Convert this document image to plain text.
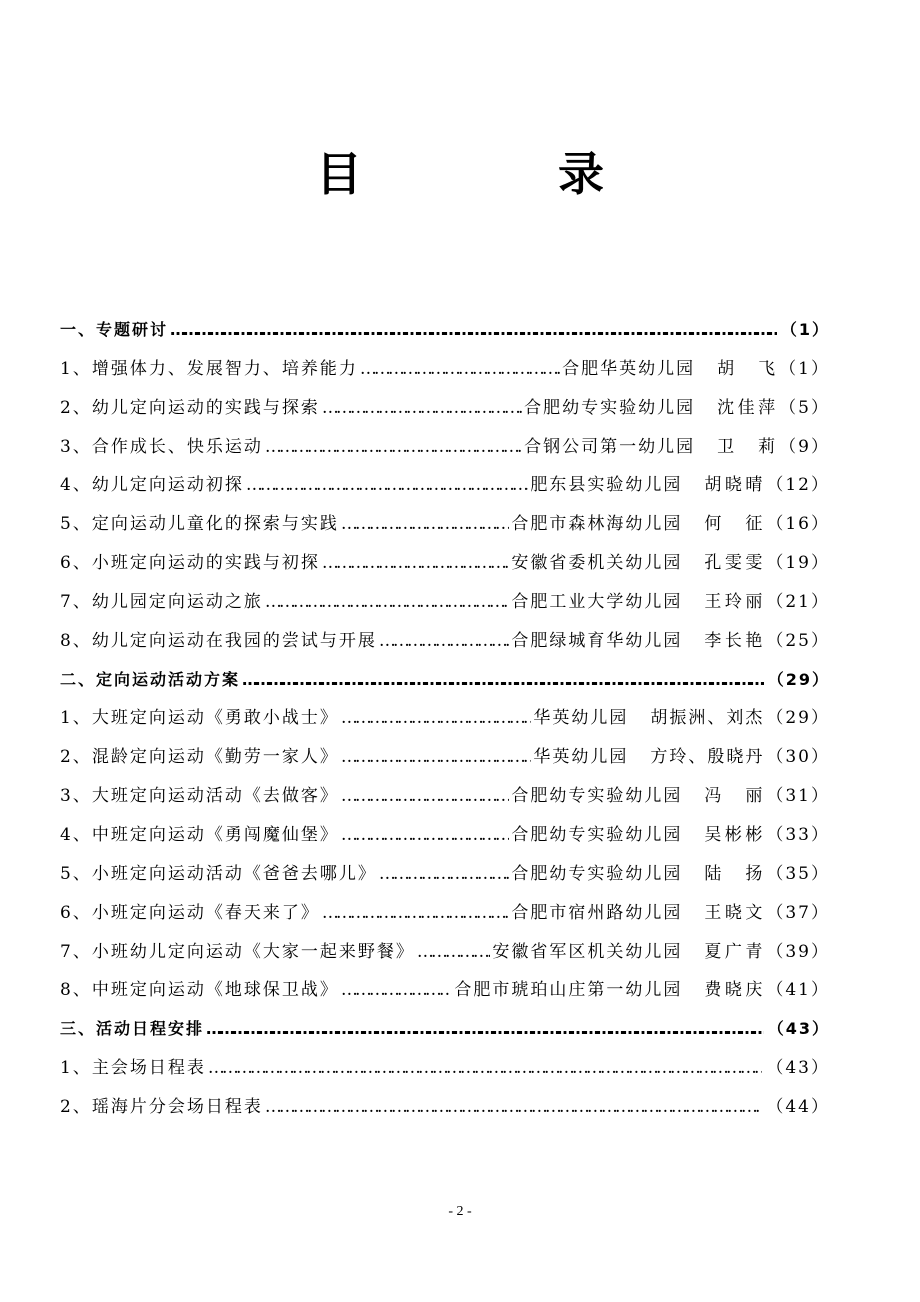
目 录
一、专题研讨 …………………………………………………………………………………………………………………………………………………………………………………………	（1）
1、增强体力、发展智力、培养能力 …………………………………………………………………………………………………………………………………………………………………………………………	合肥华英幼儿园 胡飞 （1）
2、幼儿定向运动的实践与探索 …………………………………………………………………………………………………………………………………………………………………………………………	合肥幼专实验幼儿园 沈佳萍 （5）
3、合作成长、快乐运动 …………………………………………………………………………………………………………………………………………………………………………………………	合钢公司第一幼儿园 卫莉 （9）
4、幼儿定向运动初探 …………………………………………………………………………………………………………………………………………………………………………………………	肥东县实验幼儿园 胡晓晴 （12）
5、定向运动儿童化的探索与实践 …………………………………………………………………………………………………………………………………………………………………………………………	合肥市森林海幼儿园 何征 （16）
6、小班定向运动的实践与初探 …………………………………………………………………………………………………………………………………………………………………………………………	安徽省委机关幼儿园 孔雯雯 （19）
7、幼儿园定向运动之旅 …………………………………………………………………………………………………………………………………………………………………………………………	合肥工业大学幼儿园 王玲丽 （21）
8、幼儿定向运动在我园的尝试与开展 …………………………………………………………………………………………………………………………………………………………………………………………	合肥绿城育华幼儿园 李长艳 （25）
二、定向运动活动方案 …………………………………………………………………………………………………………………………………………………………………………………………	（29）
1、大班定向运动《勇敢小战士》 …………………………………………………………………………………………………………………………………………………………………………………………	华英幼儿园 胡振洲、刘杰 （29）
2、混龄定向运动《勤劳一家人》 …………………………………………………………………………………………………………………………………………………………………………………………	华英幼儿园 方玲、殷晓丹 （30）
3、大班定向运动活动《去做客》 …………………………………………………………………………………………………………………………………………………………………………………………	合肥幼专实验幼儿园 冯丽 （31）
4、中班定向运动《勇闯魔仙堡》 …………………………………………………………………………………………………………………………………………………………………………………………	合肥幼专实验幼儿园 吴彬彬 （33）
5、小班定向运动活动《爸爸去哪儿》 …………………………………………………………………………………………………………………………………………………………………………………………	合肥幼专实验幼儿园 陆扬 （35）
6、小班定向运动《春天来了》 …………………………………………………………………………………………………………………………………………………………………………………………	合肥市宿州路幼儿园 王晓文 （37）
7、小班幼儿定向运动《大家一起来野餐》 …………………………………………………………………………………………………………………………………………………………………………………………	安徽省军区机关幼儿园 夏广青 （39）
8、中班定向运动《地球保卫战》 …………………………………………………………………………………………………………………………………………………………………………………………	合肥市琥珀山庄第一幼儿园 费晓庆 （41）
三、活动日程安排 …………………………………………………………………………………………………………………………………………………………………………………………	（43）
1、主会场日程表 …………………………………………………………………………………………………………………………………………………………………………………………	（43）
2、瑶海片分会场日程表 …………………………………………………………………………………………………………………………………………………………………………………………	（44）
- 2 -
